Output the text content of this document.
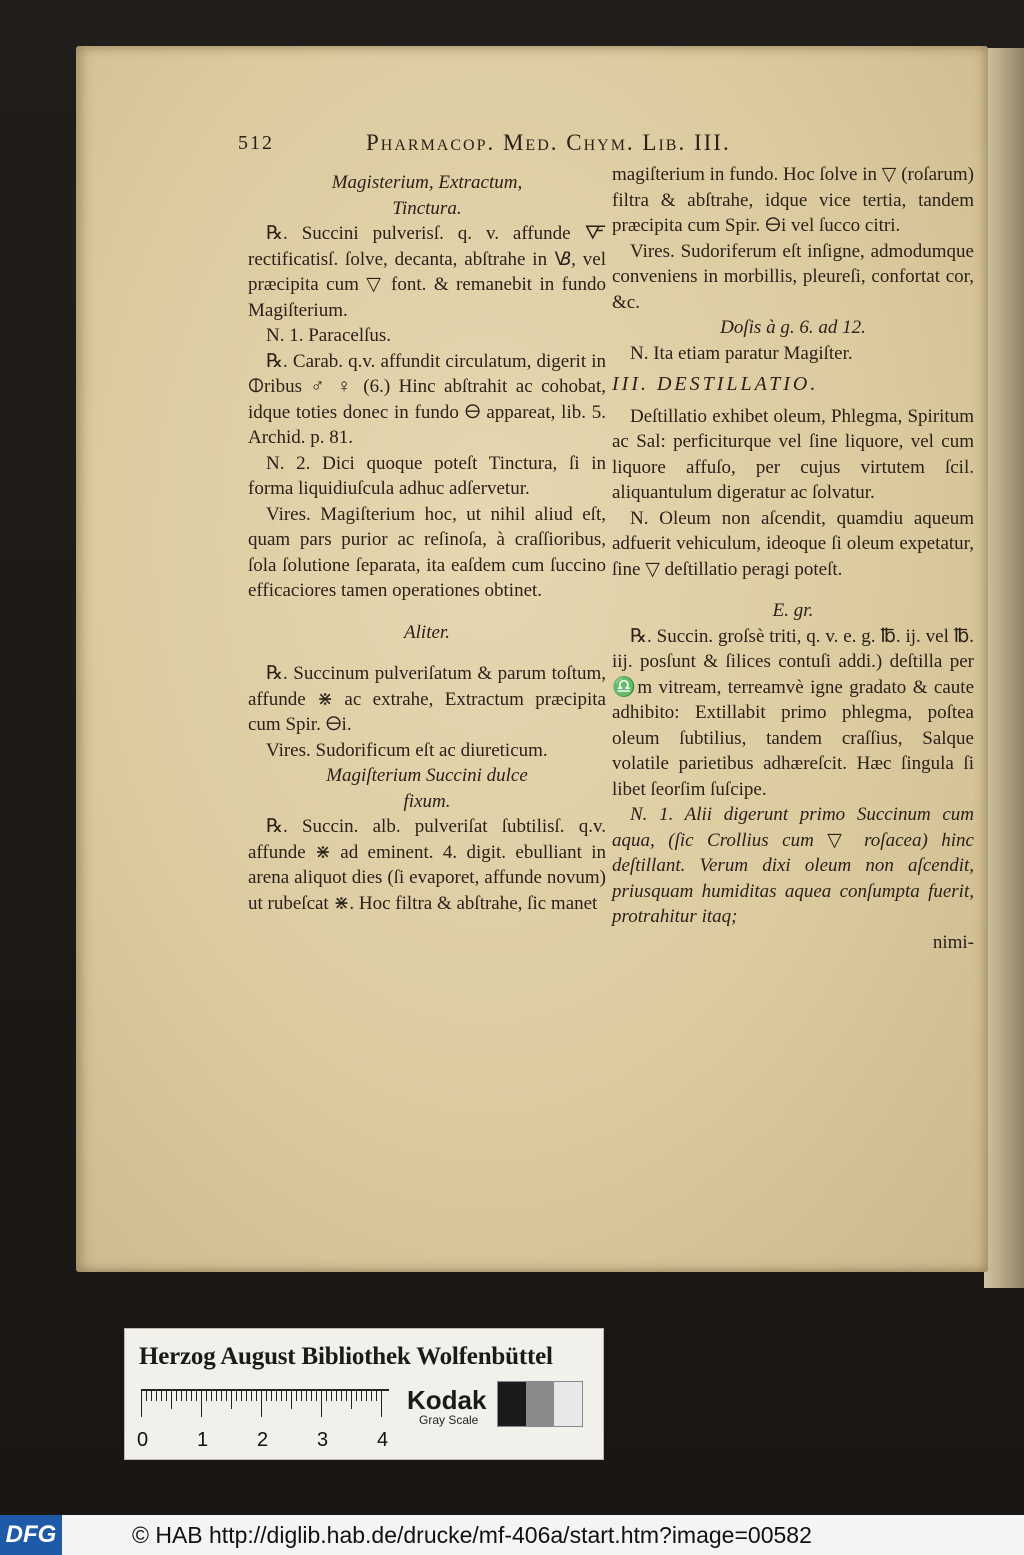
512	Pharmacop. Med. Chym. Lib. III.

Magisterium, Extractum,

Tinctura.

℞. Succini pulverisſ. q. v. affunde 🜅 rectificatisſ. ſolve, decanta, abſtrahe in 🝬, vel præcipita cum ▽ font. & remanebit in fundo Magiſterium.

N. 1. Paracelſus.

℞. Carab. q.v. affundit circulatum, digerit in 🜕ribus ♂ ♀ (6.) Hinc abſtrahit ac cohobat, idque toties donec in fundo 🜔 appareat, lib. 5. Archid. p. 81.

N. 2. Dici quoque poteſt Tinctura, ſi in forma liquidiuſcula adhuc adſervetur.

Vires. Magiſterium hoc, ut nihil aliud eſt, quam pars purior ac reſinoſa, à craſſioribus, ſola ſolutione ſeparata, ita eaſdem cum ſuccino efficaciores tamen operationes obtinet.

Aliter.

℞. Succinum pulveriſatum & parum toſtum, affunde ⋇ ac extrahe, Extractum præcipita cum Spir. 🜔i.

Vires. Sudorificum eſt ac diureticum.

Magiſterium Succini dulce

fixum.

℞. Succin. alb. pulveriſat ſubtilisſ. q.v. affunde ⋇ ad eminent. 4. digit. ebulliant in arena aliquot dies (ſi evaporet, affunde novum) ut rubeſcat ⋇. Hoc filtra & abſtrahe, ſic manet

magiſterium in fundo. Hoc ſolve in ▽ (roſarum) filtra & abſtrahe, idque vice tertia, tandem præcipita cum Spir. 🜔i vel ſucco citri.

Vires. Sudoriferum eſt inſigne, admodumque conveniens in morbillis, pleureſi, confortat cor, &c.

Doſis à g. 6. ad 12.

N. Ita etiam paratur Magiſter.

III. DESTILLATIO.

Deſtillatio exhibet oleum, Phlegma, Spiritum ac Sal: perficiturque vel ſine liquore, vel cum liquore affuſo, per cujus virtutem ſcil. aliquantulum digeratur ac ſolvatur.

N. Oleum non aſcendit, quamdiu aqueum adfuerit vehiculum, ideoque ſi oleum expetatur, ſine ▽ deſtillatio peragi poteſt.

E. gr.

℞. Succin. groſsè triti, q. v. e. g. ℔. ij. vel ℔. iij. posſunt & ſilices contuſi addi.) deſtilla per ♎m vitream, terreamvè igne gradato & caute adhibito: Extillabit primo phlegma, poſtea oleum ſubtilius, tandem craſſius, Salque volatile parietibus adhæreſcit. Hæc ſingula ſi libet ſeorſim ſuſcipe.

N. 1. Alii digerunt primo Succinum cum aqua, (ſic Crollius cum ▽ roſacea) hinc deſtillant. Verum dixi oleum non aſcendit, priusquam humiditas aquea conſumpta fuerit, protrahitur itaq;

nimi-

Herzog August Bibliothek Wolfenbüttel
0 1 2 3 4
Kodak
Gray Scale
DFG	© HAB http://diglib.hab.de/drucke/mf-406a/start.htm?image=00582
